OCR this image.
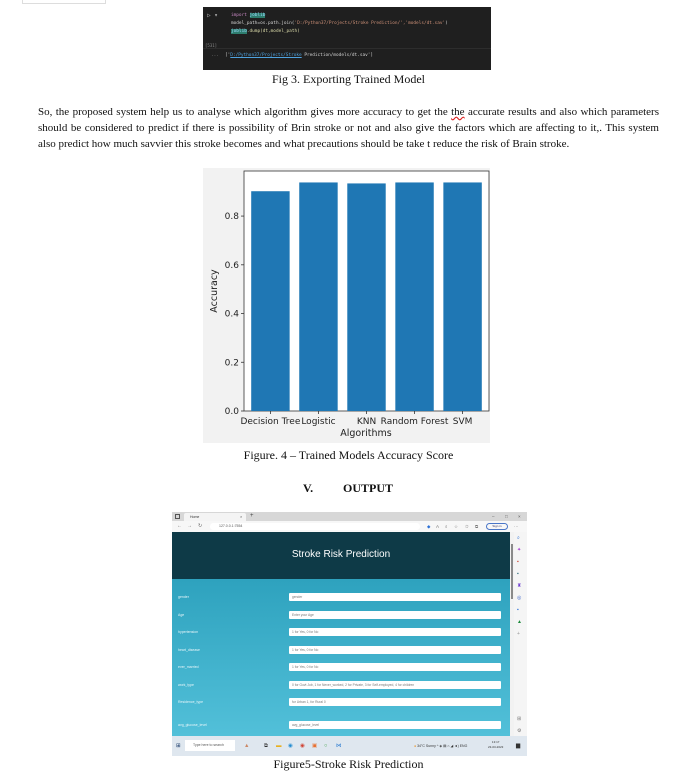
▷ ▾	import joblib
model_path=os.path.join('D:/Python37/Projects/Stroke Prediction/','models/dt.sav')
joblib.dump(dt,model_path)
[531]
··· ['D:/Python37/Projects/Stroke Prediction/models/dt.sav']
Fig 3. Exporting Trained Model

So, the proposed system help us to analyse which algorithm gives more accuracy to get the the accurate results and also which parameters should be considered to predict if there is possibility of Brin stroke or not and also give the factors which are affecting to it,. This system also predict how much savvier this stroke becomes and what precautions should be take t reduce the risk of Brain stroke.

0.0
0.2
0.4
0.6
0.8
Decision Tree Logistic KNN Random Forest SVM
Algorithms
Accuracy
Figure. 4 – Trained Models Accuracy Score
V. OUTPUT
Home	× +	– □ ×
← → ↻	127.0.0.1:7554	◆ A ⌕ ☆ ✩ ⧉	Sign in	···
Stroke Risk Prediction
gender	gender
Age	Enter your Age
hypertension	1 for Yes, 0 for No
heart_disease	1 for Yes, 0 for No
ever_married	1 for Yes, 0 for No
work_type	0 for Govt Job, 1 for Never_worked, 2 for Private, 3 for Self-employed, 4 for children
Residence_type	for Urban 1, for Rural 0
avg_glucose_level	avg_glucose_level
⌕
✦
▪
▪
♜
◎
▪
▲
+
⊞
⚙
⊞	Type here to search	▲	⧉ ▬ ◉ ◉ ▣ ○ ⋈	● 34°C Sunny ^ ◈ ▤ ⌂ ◢ ◄) ENG
13:17
23-03-2023 ▆
Figure5-Stroke Risk Prediction
